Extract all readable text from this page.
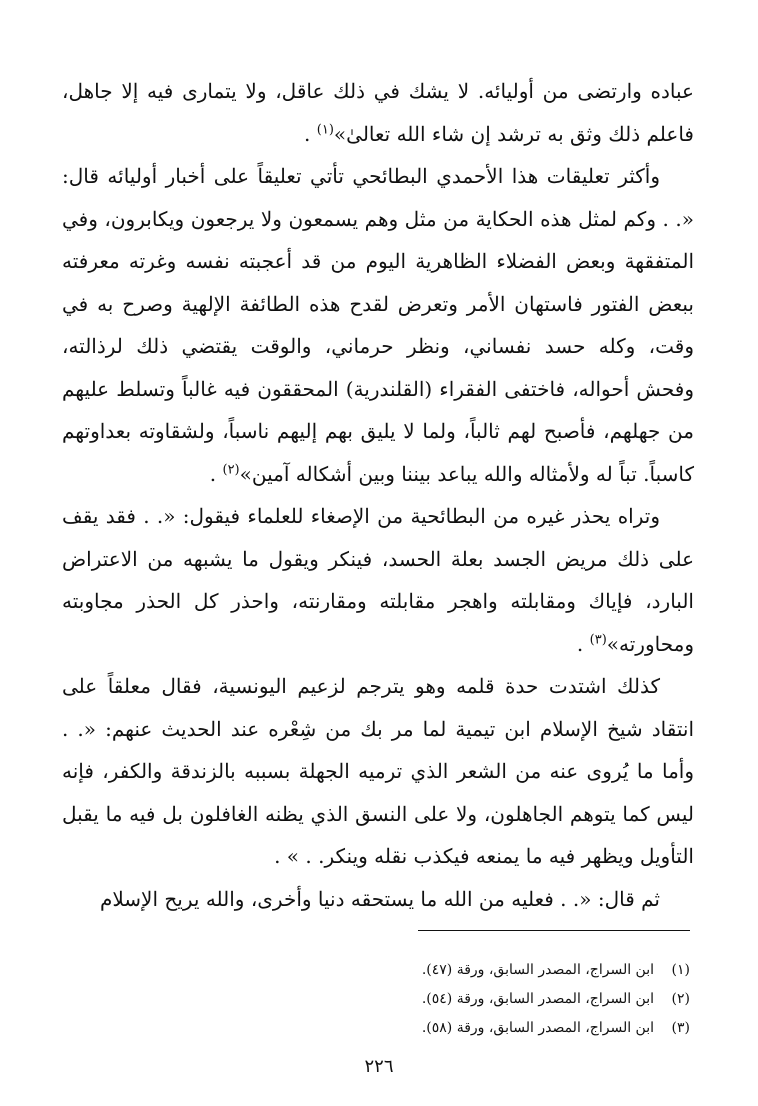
عباده وارتضى من أوليائه. لا يشك في ذلك عاقل، ولا يتمارى فيه إلا جاهل، فاعلم ذلك وثق به ترشد إن شاء الله تعالىٰ»$^{(١)}$ .

وأكثر تعليقات هذا الأحمدي البطائحي تأتي تعليقاً على أخبار أوليائه قال: «. . وكم لمثل هذه الحكاية من مثل وهم يسمعون ولا يرجعون ويكابرون، وفي المتفقهة وبعض الفضلاء الظاهرية اليوم من قد أعجبته نفسه وغرته معرفته ببعض الفتور فاستهان الأمر وتعرض لقدح هذه الطائفة الإلهية وصرح به في وقت، وكله حسد نفساني، ونظر حرماني، والوقت يقتضي ذلك لرذالته، وفحش أحواله، فاختفى الفقراء (القلندرية) المحققون فيه غالباً وتسلط عليهم من جهلهم، فأصبح لهم ثالباً، ولما لا يليق بهم إليهم ناسباً، ولشقاوته بعداوتهم كاسباً. تباً له ولأمثاله والله يباعد بيننا وبين أشكاله آمين»$^{(٢)}$ .

وتراه يحذر غيره من البطائحية من الإصغاء للعلماء فيقول: «. . فقد يقف على ذلك مريض الجسد بعلة الحسد، فينكر ويقول ما يشبهه من الاعتراض البارد، فإياك ومقابلته واهجر مقابلته ومقارنته، واحذر كل الحذر مجاوبته ومحاورته»$^{(٣)}$ .

كذلك اشتدت حدة قلمه وهو يترجم لزعيم اليونسية، فقال معلقاً على انتقاد شيخ الإسلام ابن تيمية لما مر بك من شِعْره عند الحديث عنهم: «. . وأما ما يُروى عنه من الشعر الذي ترميه الجهلة بسببه بالزندقة والكفر، فإنه ليس كما يتوهم الجاهلون، ولا على النسق الذي يظنه الغافلون بل فيه ما يقبل التأويل ويظهر فيه ما يمنعه فيكذب نقله وينكر. . » .

ثم قال: «. . فعليه من الله ما يستحقه دنيا وأخرى، والله يريح الإسلام

(١)
ابن السراج، المصدر السابق، ورقة (٤٧).
(٢)
ابن السراج، المصدر السابق، ورقة (٥٤).
(٣)
ابن السراج، المصدر السابق، ورقة (٥٨).
٢٢٦
